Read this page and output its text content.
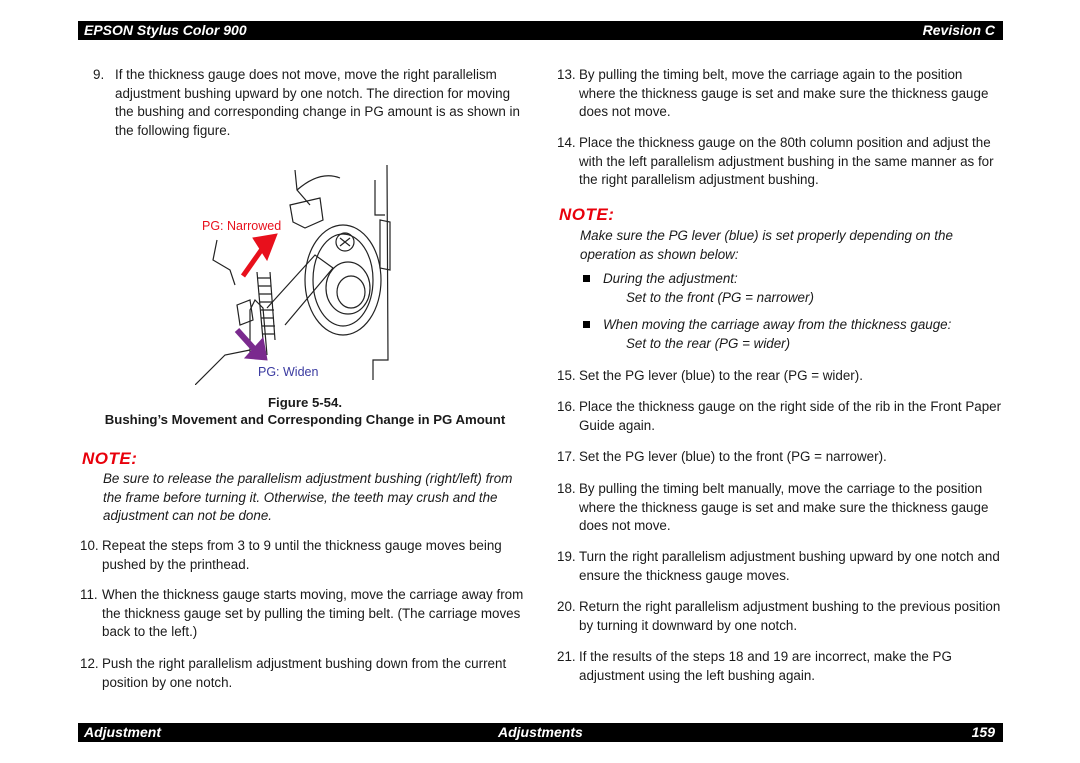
EPSON Stylus Color 900	Revision C
9. If the thickness gauge does not move, move the right parallelism adjustment bushing upward by one notch. The direction for moving the bushing and corresponding change in PG amount is as shown in the following figure.
PG: Narrowed
PG: Widen
Figure 5-54.
Bushing’s Movement and Corresponding Change in PG Amount
NOTE:
Be sure to release the parallelism adjustment bushing (right/left) from the frame before turning it. Otherwise, the teeth may crush and the adjustment can not be done.
10. Repeat the steps from 3 to 9 until the thickness gauge moves being pushed by the printhead.
11. When the thickness gauge starts moving, move the carriage away from the thickness gauge set by pulling the timing belt. (The carriage moves back to the left.)
12. Push the right parallelism adjustment bushing down from the current position by one notch.
13. By pulling the timing belt, move the carriage again to the position where the thickness gauge is set and make sure the thickness gauge does not move.
14. Place the thickness gauge on the 80th column position and adjust the with the left parallelism adjustment bushing in the same manner as for the right parallelism adjustment bushing.
NOTE:
Make sure the PG lever (blue) is set properly depending on the operation as shown below:
During the adjustment:
Set to the front (PG = narrower)
When moving the carriage away from the thickness gauge:
Set to the rear (PG = wider)
15. Set the PG lever (blue) to the rear (PG = wider).
16. Place the thickness gauge on the right side of the rib in the Front Paper Guide again.
17. Set the PG lever (blue) to the front (PG = narrower).
18. By pulling the timing belt manually, move the carriage to the position where the thickness gauge is set and make sure the thickness gauge does not move.
19. Turn the right parallelism adjustment bushing upward by one notch and ensure the thickness gauge moves.
20. Return the right parallelism adjustment bushing to the previous position by turning it downward by one notch.
21. If the results of the steps 18 and 19 are incorrect, make the PG adjustment using the left bushing again.
Adjustment	Adjustments	159
